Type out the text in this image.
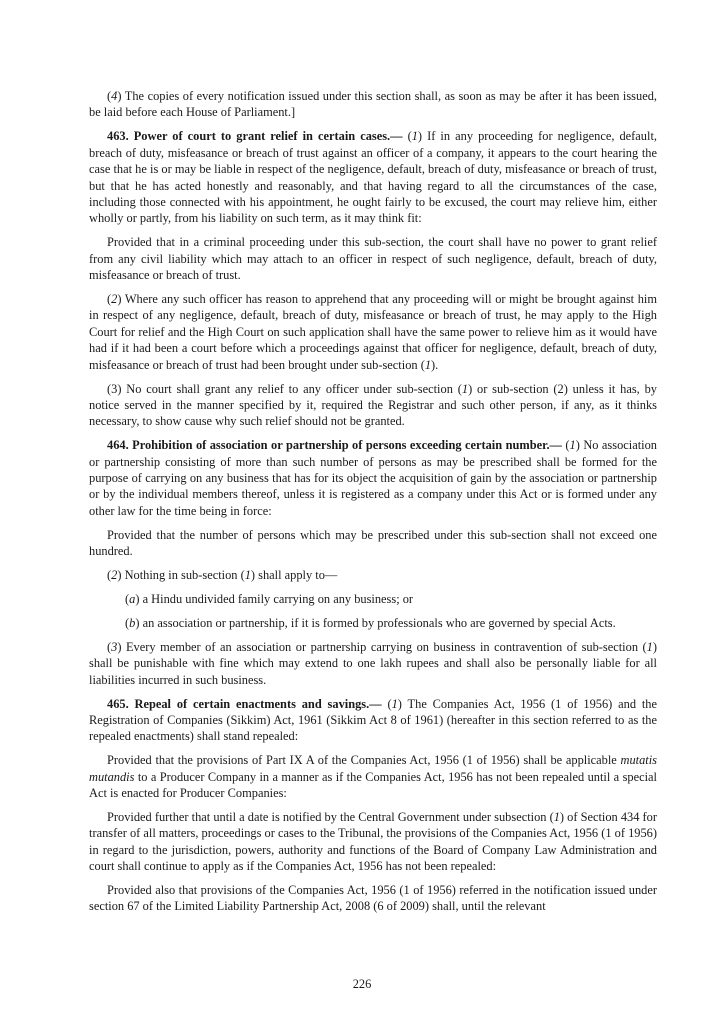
(4) The copies of every notification issued under this section shall, as soon as may be after it has been issued, be laid before each House of Parliament.]

463. Power of court to grant relief in certain cases.— (1) If in any proceeding for negligence, default, breach of duty, misfeasance or breach of trust against an officer of a company, it appears to the court hearing the case that he is or may be liable in respect of the negligence, default, breach of duty, misfeasance or breach of trust, but that he has acted honestly and reasonably, and that having regard to all the circumstances of the case, including those connected with his appointment, he ought fairly to be excused, the court may relieve him, either wholly or partly, from his liability on such term, as it may think fit:

Provided that in a criminal proceeding under this sub-section, the court shall have no power to grant relief from any civil liability which may attach to an officer in respect of such negligence, default, breach of duty, misfeasance or breach of trust.

(2) Where any such officer has reason to apprehend that any proceeding will or might be brought against him in respect of any negligence, default, breach of duty, misfeasance or breach of trust, he may apply to the High Court for relief and the High Court on such application shall have the same power to relieve him as it would have had if it had been a court before which a proceedings against that officer for negligence, default, breach of duty, misfeasance or breach of trust had been brought under sub-section (1).

(3) No court shall grant any relief to any officer under sub-section (1) or sub-section (2) unless it has, by notice served in the manner specified by it, required the Registrar and such other person, if any, as it thinks necessary, to show cause why such relief should not be granted.

464. Prohibition of association or partnership of persons exceeding certain number.— (1) No association or partnership consisting of more than such number of persons as may be prescribed shall be formed for the purpose of carrying on any business that has for its object the acquisition of gain by the association or partnership or by the individual members thereof, unless it is registered as a company under this Act or is formed under any other law for the time being in force:

Provided that the number of persons which may be prescribed under this sub-section shall not exceed one hundred.

(2) Nothing in sub-section (1) shall apply to—

(a) a Hindu undivided family carrying on any business; or

(b) an association or partnership, if it is formed by professionals who are governed by special Acts.

(3) Every member of an association or partnership carrying on business in contravention of sub-section (1) shall be punishable with fine which may extend to one lakh rupees and shall also be personally liable for all liabilities incurred in such business.

465. Repeal of certain enactments and savings.— (1) The Companies Act, 1956 (1 of 1956) and the Registration of Companies (Sikkim) Act, 1961 (Sikkim Act 8 of 1961) (hereafter in this section referred to as the repealed enactments) shall stand repealed:

Provided that the provisions of Part IX A of the Companies Act, 1956 (1 of 1956) shall be applicable mutatis mutandis to a Producer Company in a manner as if the Companies Act, 1956 has not been repealed until a special Act is enacted for Producer Companies:

Provided further that until a date is notified by the Central Government under subsection (1) of Section 434 for transfer of all matters, proceedings or cases to the Tribunal, the provisions of the Companies Act, 1956 (1 of 1956) in regard to the jurisdiction, powers, authority and functions of the Board of Company Law Administration and court shall continue to apply as if the Companies Act, 1956 has not been repealed:

Provided also that provisions of the Companies Act, 1956 (1 of 1956) referred in the notification issued under section 67 of the Limited Liability Partnership Act, 2008 (6 of 2009) shall, until the relevant

226
